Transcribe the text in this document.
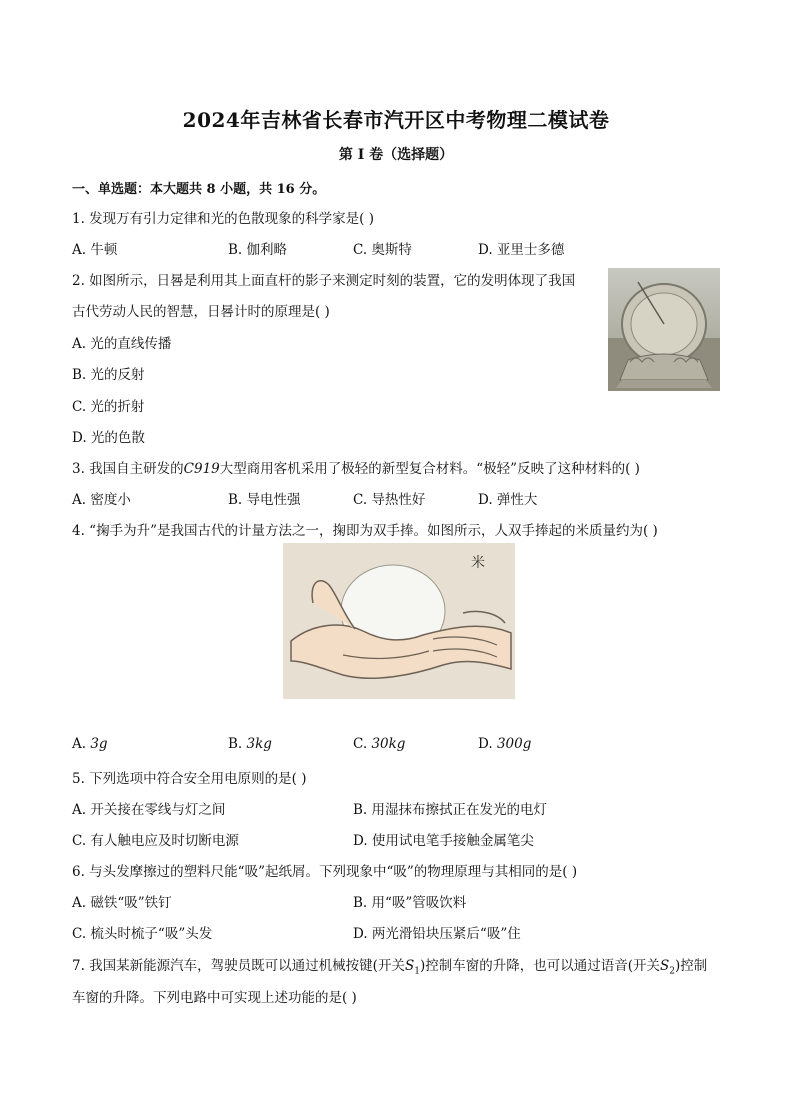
2024年吉林省长春市汽开区中考物理二模试卷
第 I 卷（选择题）
一、单选题：本大题共 8 小题，共 16 分。
1. 发现万有引力定律和光的色散现象的科学家是( )
A. 牛顿	B. 伽利略	C. 奥斯特	D. 亚里士多德
2. 如图所示，日晷是利用其上面直杆的影子来测定时刻的装置，它的发明体现了我国
古代劳动人民的智慧，日晷计时的原理是( )
A. 光的直线传播
B. 光的反射
C. 光的折射
D. 光的色散
3. 我国自主研发的C919大型商用客机采用了极轻的新型复合材料。“极轻”反映了这种材料的( )
A. 密度小	B. 导电性强	C. 导热性好	D. 弹性大
4. “掬手为升”是我国古代的计量方法之一，掬即为双手捧。如图所示，人双手捧起的米质量约为( )
米
A. 3g	B. 3kg	C. 30kg	D. 300g
5. 下列选项中符合安全用电原则的是( )
A. 开关接在零线与灯之间	B. 用湿抹布擦拭正在发光的电灯
C. 有人触电应及时切断电源	D. 使用试电笔手接触金属笔尖
6. 与头发摩擦过的塑料尺能“吸”起纸屑。下列现象中“吸”的物理原理与其相同的是( )
A. 磁铁“吸”铁钉	B. 用“吸”管吸饮料
C. 梳头时梳子“吸”头发	D. 两光滑铅块压紧后“吸”住
7. 我国某新能源汽车，驾驶员既可以通过机械按键(开关$S_1$)控制车窗的升降，也可以通过语音(开关$S_2$)控制
车窗的升降。下列电路中可实现上述功能的是( )
